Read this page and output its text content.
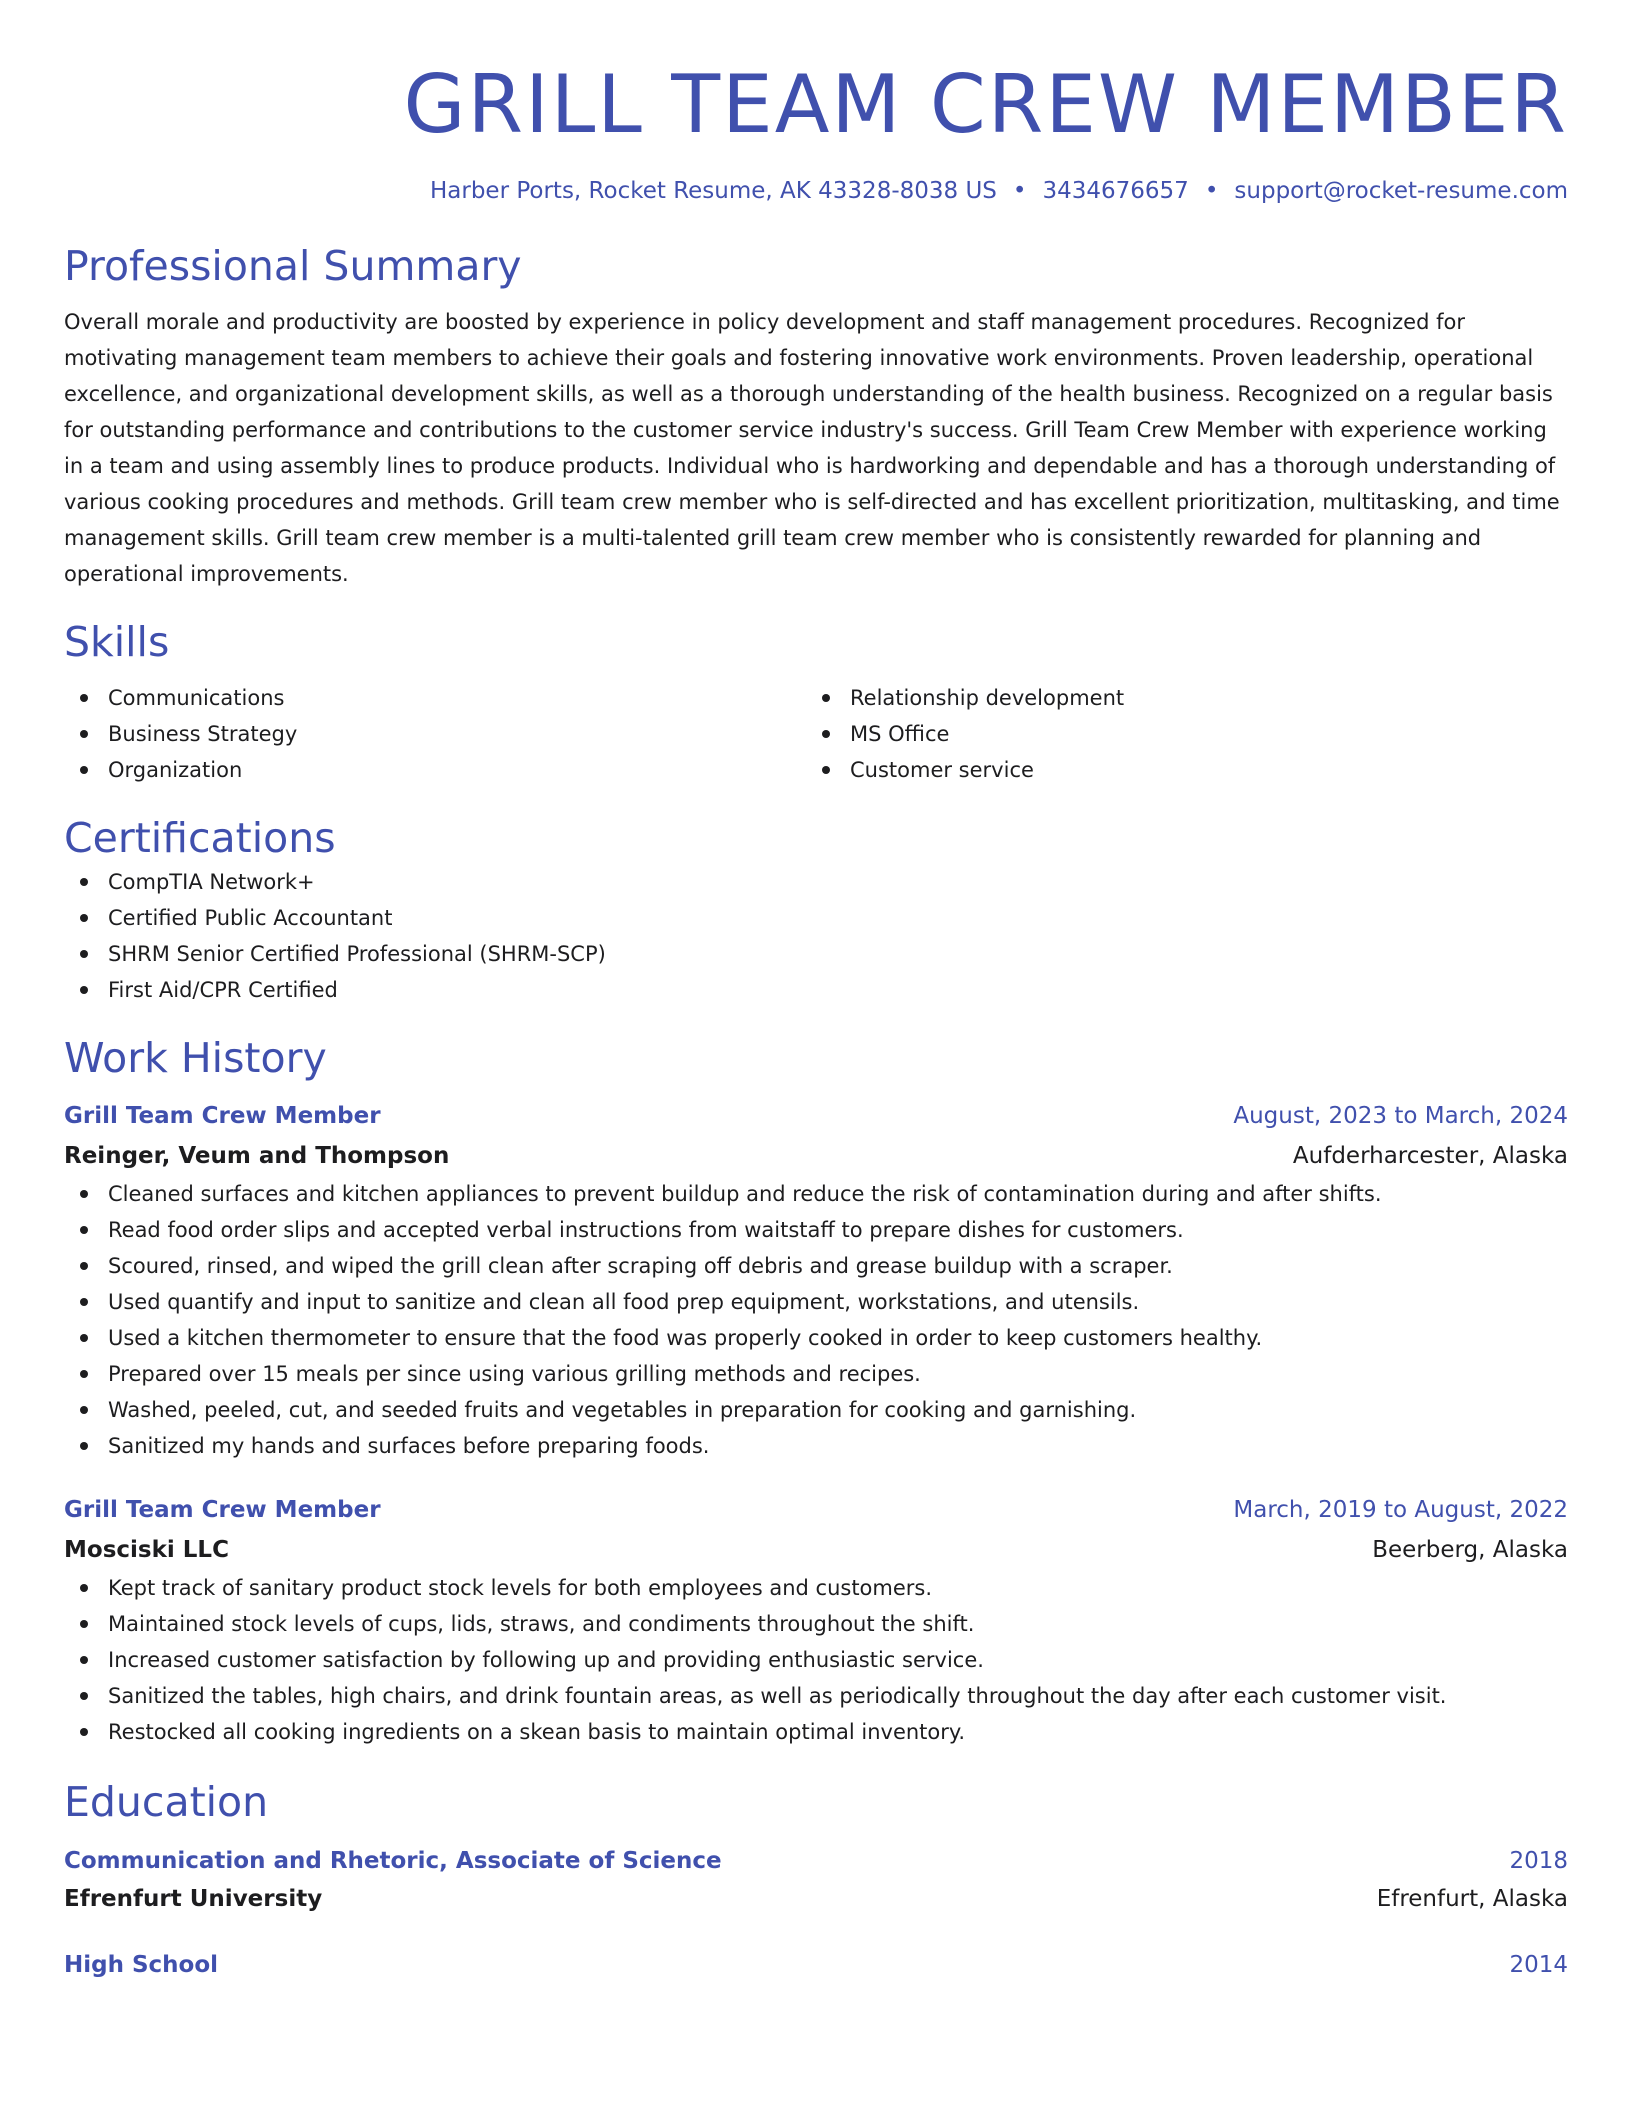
GRILL TEAM CREW MEMBER
Harber Ports, Rocket Resume, AK 43328-8038 US • 3434676657 • support@rocket-resume.com
Professional Summary
Overall morale and productivity are boosted by experience in policy development and staff management procedures. Recognized for motivating management team members to achieve their goals and fostering innovative work environments. Proven leadership, operational excellence, and organizational development skills, as well as a thorough understanding of the health business. Recognized on a regular basis for outstanding performance and contributions to the customer service industry's success. Grill Team Crew Member with experience working in a team and using assembly lines to produce products. Individual who is hardworking and dependable and has a thorough understanding of various cooking procedures and methods. Grill team crew member who is self-directed and has excellent prioritization, multitasking, and time management skills. Grill team crew member is a multi-talented grill team crew member who is consistently rewarded for planning and operational improvements.
Skills
Communications
Business Strategy
Organization
Relationship development
MS Office
Customer service
Certifications
CompTIA Network+
Certified Public Accountant
SHRM Senior Certified Professional (SHRM-SCP)
First Aid/CPR Certified
Work History
Grill Team Crew Member	August, 2023 to March, 2024
Reinger, Veum and Thompson	Aufderharcester, Alaska
Cleaned surfaces and kitchen appliances to prevent buildup and reduce the risk of contamination during and after shifts.
Read food order slips and accepted verbal instructions from waitstaff to prepare dishes for customers.
Scoured, rinsed, and wiped the grill clean after scraping off debris and grease buildup with a scraper.
Used quantify and input to sanitize and clean all food prep equipment, workstations, and utensils.
Used a kitchen thermometer to ensure that the food was properly cooked in order to keep customers healthy.
Prepared over 15 meals per since using various grilling methods and recipes.
Washed, peeled, cut, and seeded fruits and vegetables in preparation for cooking and garnishing.
Sanitized my hands and surfaces before preparing foods.
Grill Team Crew Member	March, 2019 to August, 2022
Mosciski LLC	Beerberg, Alaska
Kept track of sanitary product stock levels for both employees and customers.
Maintained stock levels of cups, lids, straws, and condiments throughout the shift.
Increased customer satisfaction by following up and providing enthusiastic service.
Sanitized the tables, high chairs, and drink fountain areas, as well as periodically throughout the day after each customer visit.
Restocked all cooking ingredients on a skean basis to maintain optimal inventory.
Education
Communication and Rhetoric, Associate of Science	2018
Efrenfurt University	Efrenfurt, Alaska
High School	2014
